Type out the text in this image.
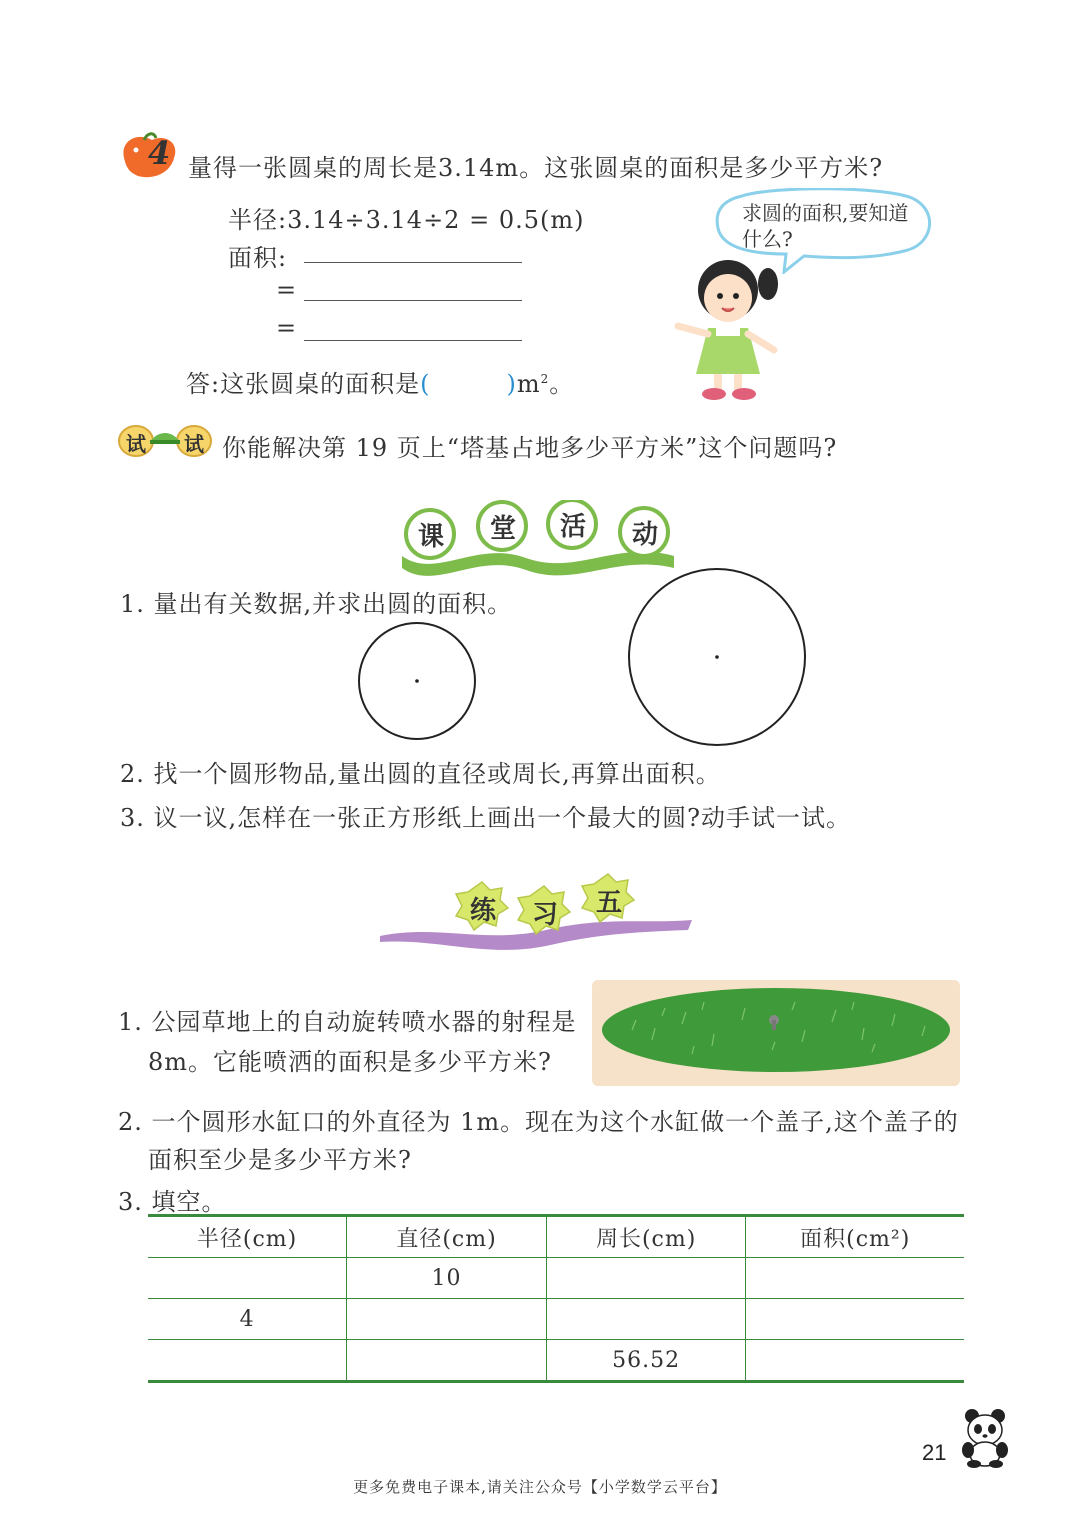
4 量得一张圆桌的周长是3.14m。这张圆桌的面积是多少平方米?
半径:3.14÷3.14÷2 = 0.5(m)
面积:
=
=
答:这张圆桌的面积是(	)$m^2$。
求圆的面积,要知道什么?
试 试 你能解决第 19 页上“塔基占地多少平方米”这个问题吗?
课 堂 活 动
1. 量出有关数据,并求出圆的面积。
2. 找一个圆形物品,量出圆的直径或周长,再算出面积。
3. 议一议,怎样在一张正方形纸上画出一个最大的圆?动手试一试。
练 习 五
1. 公园草地上的自动旋转喷水器的射程是
8m。它能喷洒的面积是多少平方米?
2. 一个圆形水缸口的外直径为 1m。现在为这个水缸做一个盖子,这个盖子的
面积至少是多少平方米?
3. 填空。
半径(cm)	直径(cm)	周长(cm)	面积(cm²)
	10		
4			
		56.52	
21
更多免费电子课本,请关注公众号【小学数学云平台】
